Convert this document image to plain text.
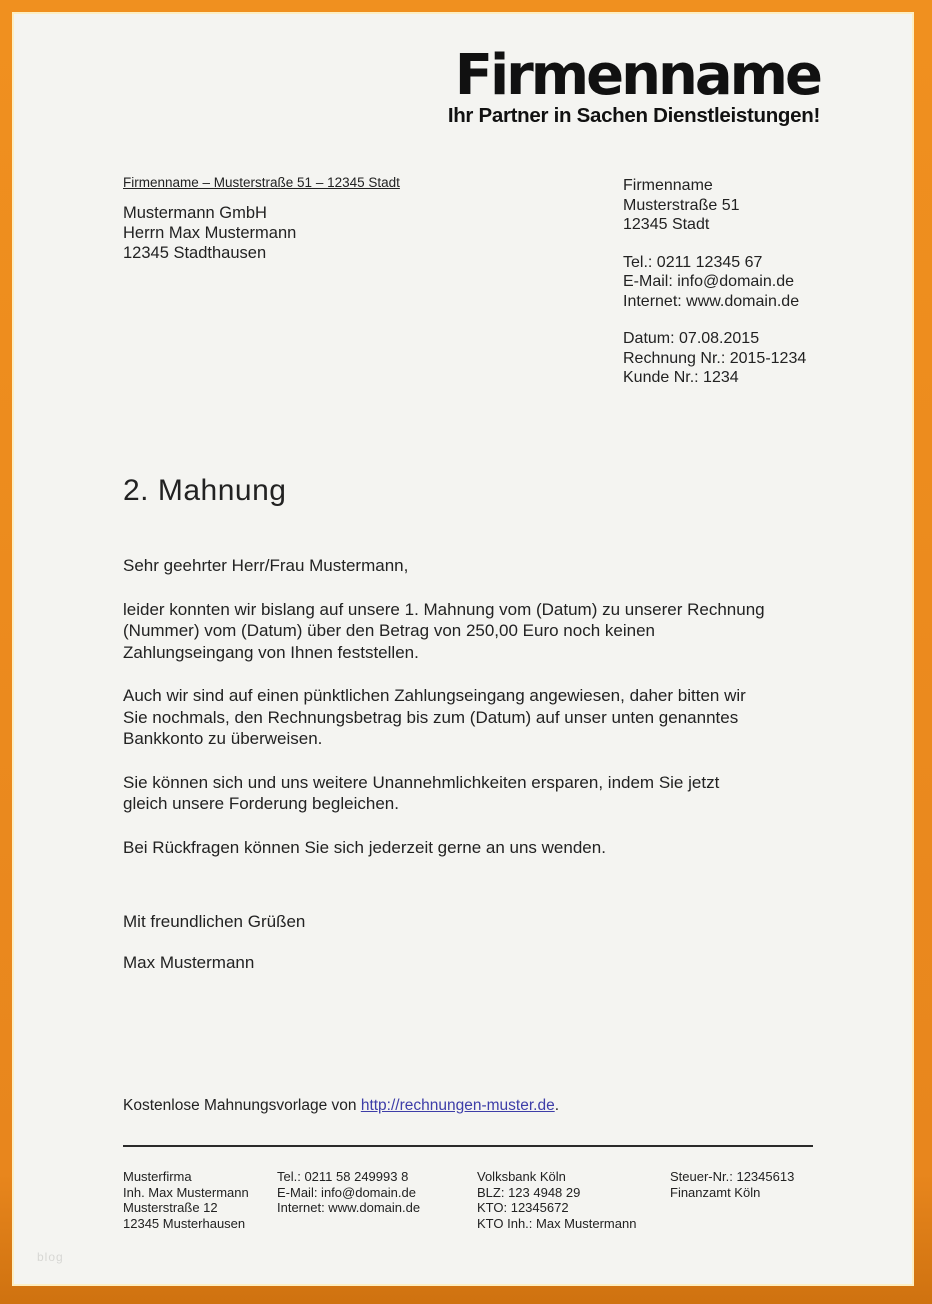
Firmenname
Ihr Partner in Sachen Dienstleistungen!
Firmenname – Musterstraße 51 – 12345 Stadt
Mustermann GmbH
Herrn Max Mustermann
12345 Stadthausen
Firmenname
Musterstraße 51
12345 Stadt
Tel.: 0211 12345 67
E-Mail: info@domain.de
Internet: www.domain.de
Datum: 07.08.2015
Rechnung Nr.: 2015-1234
Kunde Nr.: 1234
2. Mahnung
Sehr geehrter Herr/Frau Mustermann,
leider konnten wir bislang auf unsere 1. Mahnung vom (Datum) zu unserer Rechnung
(Nummer) vom (Datum) über den Betrag von 250,00 Euro noch keinen
Zahlungseingang von Ihnen feststellen.
Auch wir sind auf einen pünktlichen Zahlungseingang angewiesen, daher bitten wir
Sie nochmals, den Rechnungsbetrag bis zum (Datum) auf unser unten genanntes
Bankkonto zu überweisen.
Sie können sich und uns weitere Unannehmlichkeiten ersparen, indem Sie jetzt
gleich unsere Forderung begleichen.
Bei Rückfragen können Sie sich jederzeit gerne an uns wenden.
Mit freundlichen Grüßen
Max Mustermann
Kostenlose Mahnungsvorlage von http://rechnungen-muster.de.
Musterfirma
Inh. Max Mustermann
Musterstraße 12
12345 Musterhausen
Tel.: 0211 58 249993 8
E-Mail: info@domain.de
Internet: www.domain.de
Volksbank Köln
BLZ: 123 4948 29
KTO: 12345672
KTO Inh.: Max Mustermann
Steuer-Nr.: 12345613
Finanzamt Köln
blog
